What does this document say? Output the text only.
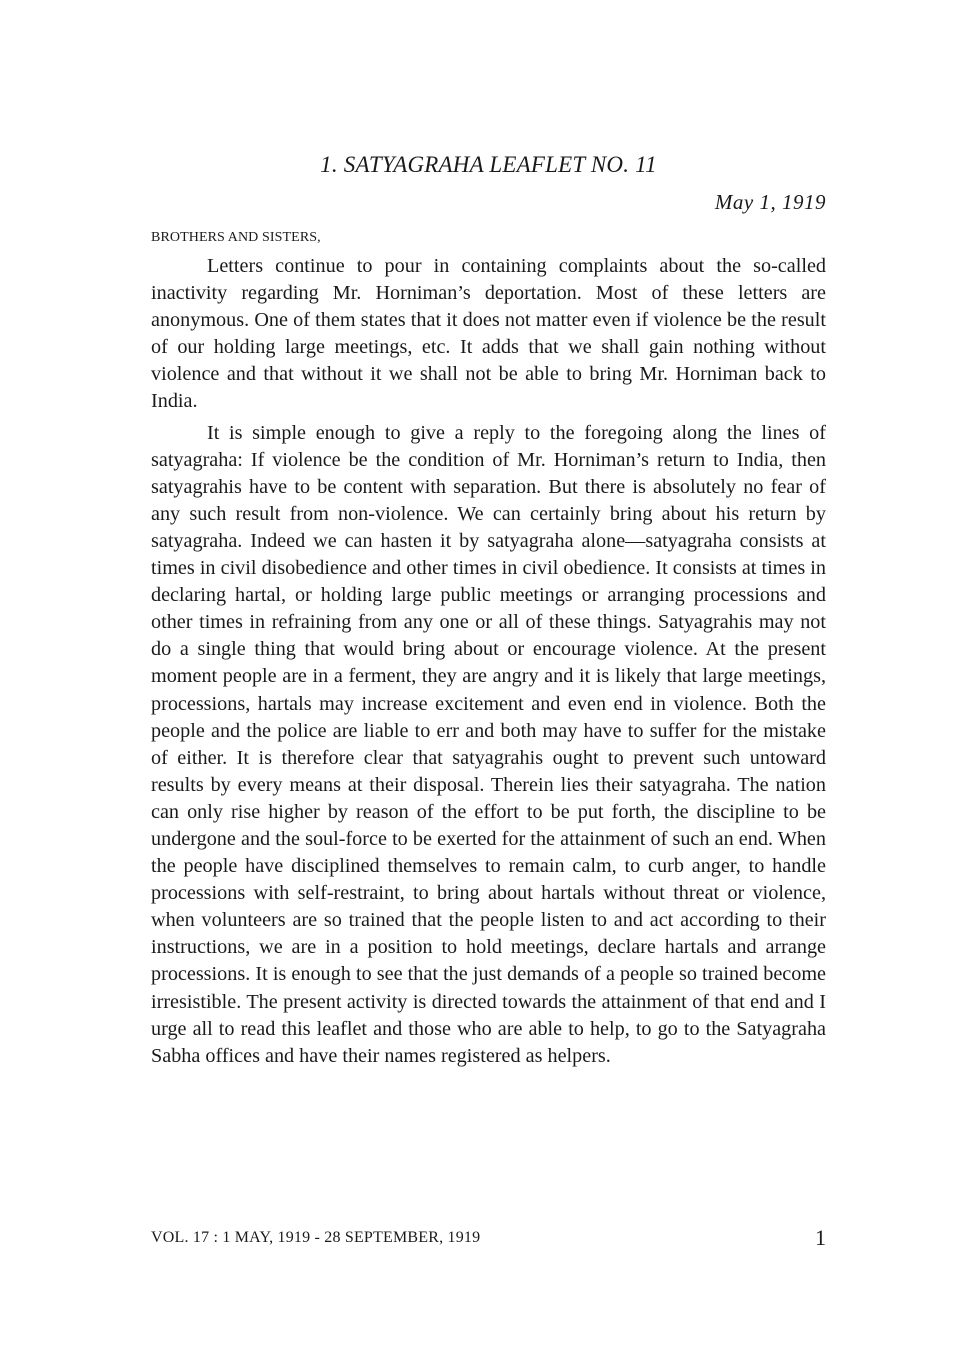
1. SATYAGRAHA LEAFLET NO. 11
May 1, 1919
BROTHERS AND SISTERS,

Letters continue to pour in containing complaints about the so-called inactivity regarding Mr. Horniman’s deportation. Most of these letters are anonymous. One of them states that it does not matter even if violence be the result of our holding large meetings, etc. It adds that we shall gain nothing without violence and that without it we shall not be able to bring Mr. Horniman back to India.

It is simple enough to give a reply to the foregoing along the lines of satyagraha: If violence be the condition of Mr. Horniman’s return to India, then satyagrahis have to be content with separation. But there is absolutely no fear of any such result from non-violence. We can certainly bring about his return by satyagraha. Indeed we can hasten it by satyagraha alone—satyagraha consists at times in civil disobedience and other times in civil obedience. It consists at times in declaring hartal, or holding large public meetings or arranging processions and other times in refraining from any one or all of these things. Satyagrahis may not do a single thing that would bring about or encourage violence. At the present moment people are in a ferment, they are angry and it is likely that large meetings, processions, hartals may increase excitement and even end in violence. Both the people and the police are liable to err and both may have to suffer for the mistake of either. It is therefore clear that satyagrahis ought to prevent such untoward results by every means at their disposal. Therein lies their satyagraha. The nation can only rise higher by reason of the effort to be put forth, the discipline to be undergone and the soul-force to be exerted for the attainment of such an end. When the people have disciplined themselves to remain calm, to curb anger, to handle processions with self-restraint, to bring about hartals without threat or violence, when volunteers are so trained that the people listen to and act according to their instructions, we are in a position to hold meetings, declare hartals and arrange processions. It is enough to see that the just demands of a people so trained become irresistible. The present activity is directed towards the attainment of that end and I urge all to read this leaflet and those who are able to help, to go to the Satyagraha Sabha offices and have their names registered as helpers.

VOL. 17 : 1 MAY, 1919 - 28 SEPTEMBER, 1919	1
